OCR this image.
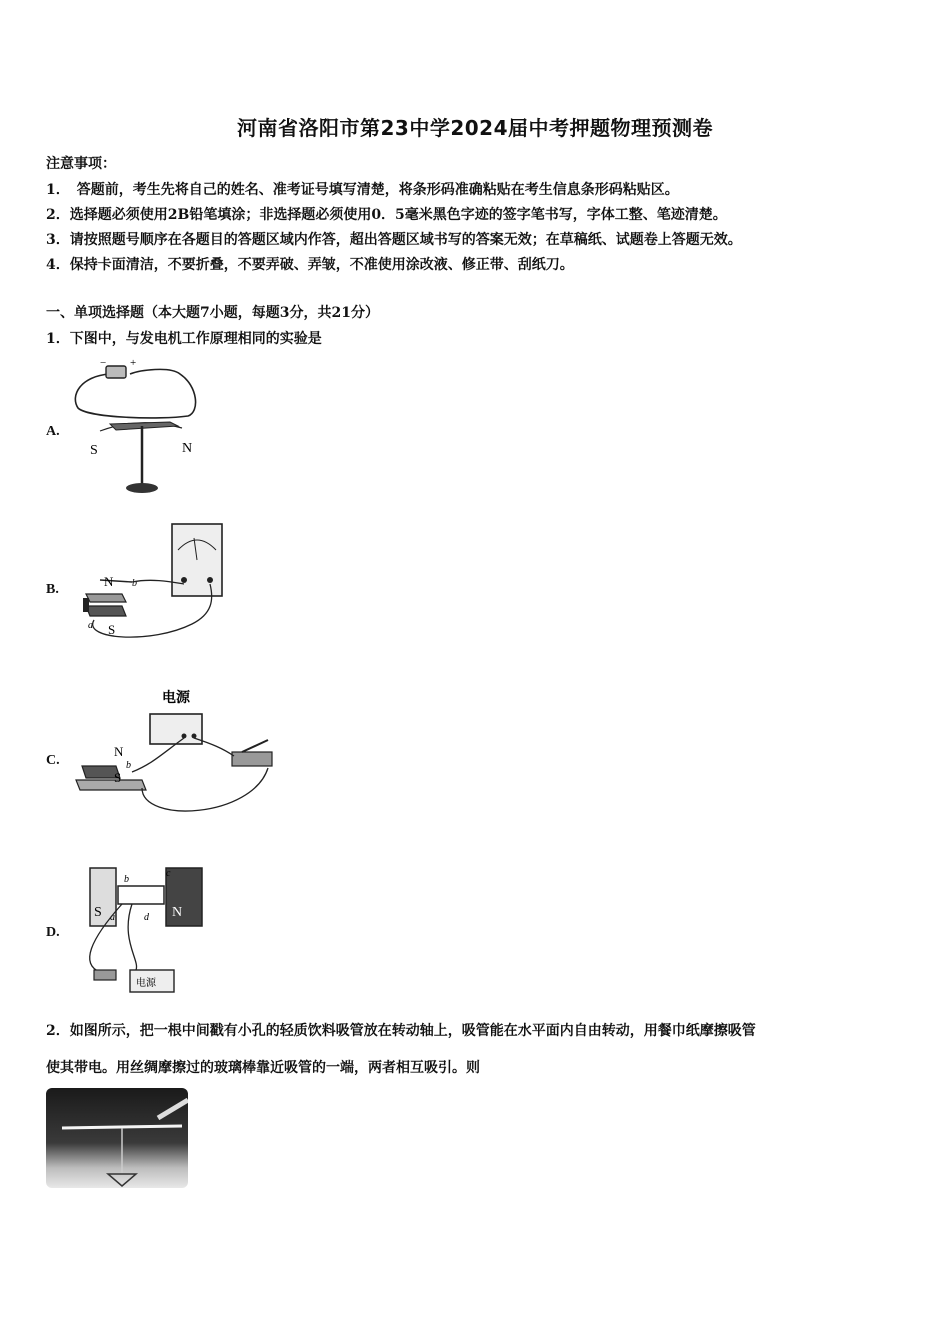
河南省洛阳市第23中学2024届中考押题物理预测卷
注意事项：
1．　答题前，考生先将自己的姓名、准考证号填写清楚，将条形码准确粘贴在考生信息条形码粘贴区。
2．选择题必须使用2B铅笔填涂；非选择题必须使用0．5毫米黑色字迹的签字笔书写，字体工整、笔迹清楚。
3．请按照题号顺序在各题目的答题区域内作答，超出答题区域书写的答案无效；在草稿纸、试题卷上答题无效。
4．保持卡面清洁，不要折叠，不要弄破、弄皱，不准使用涂改液、修正带、刮纸刀。
一、单项选择题（本大题7小题，每题3分，共21分）
1．下图中，与发电机工作原理相同的实验是
A.
− +
S	N
B.
N
S
a
b
C.
电源
S
N
b
D.
S	N
b
c
a	d
电源
2．如图所示，把一根中间戳有小孔的轻质饮料吸管放在转动轴上，吸管能在水平面内自由转动，用餐巾纸摩擦吸管
使其带电。用丝绸摩擦过的玻璃棒靠近吸管的一端，两者相互吸引。则
